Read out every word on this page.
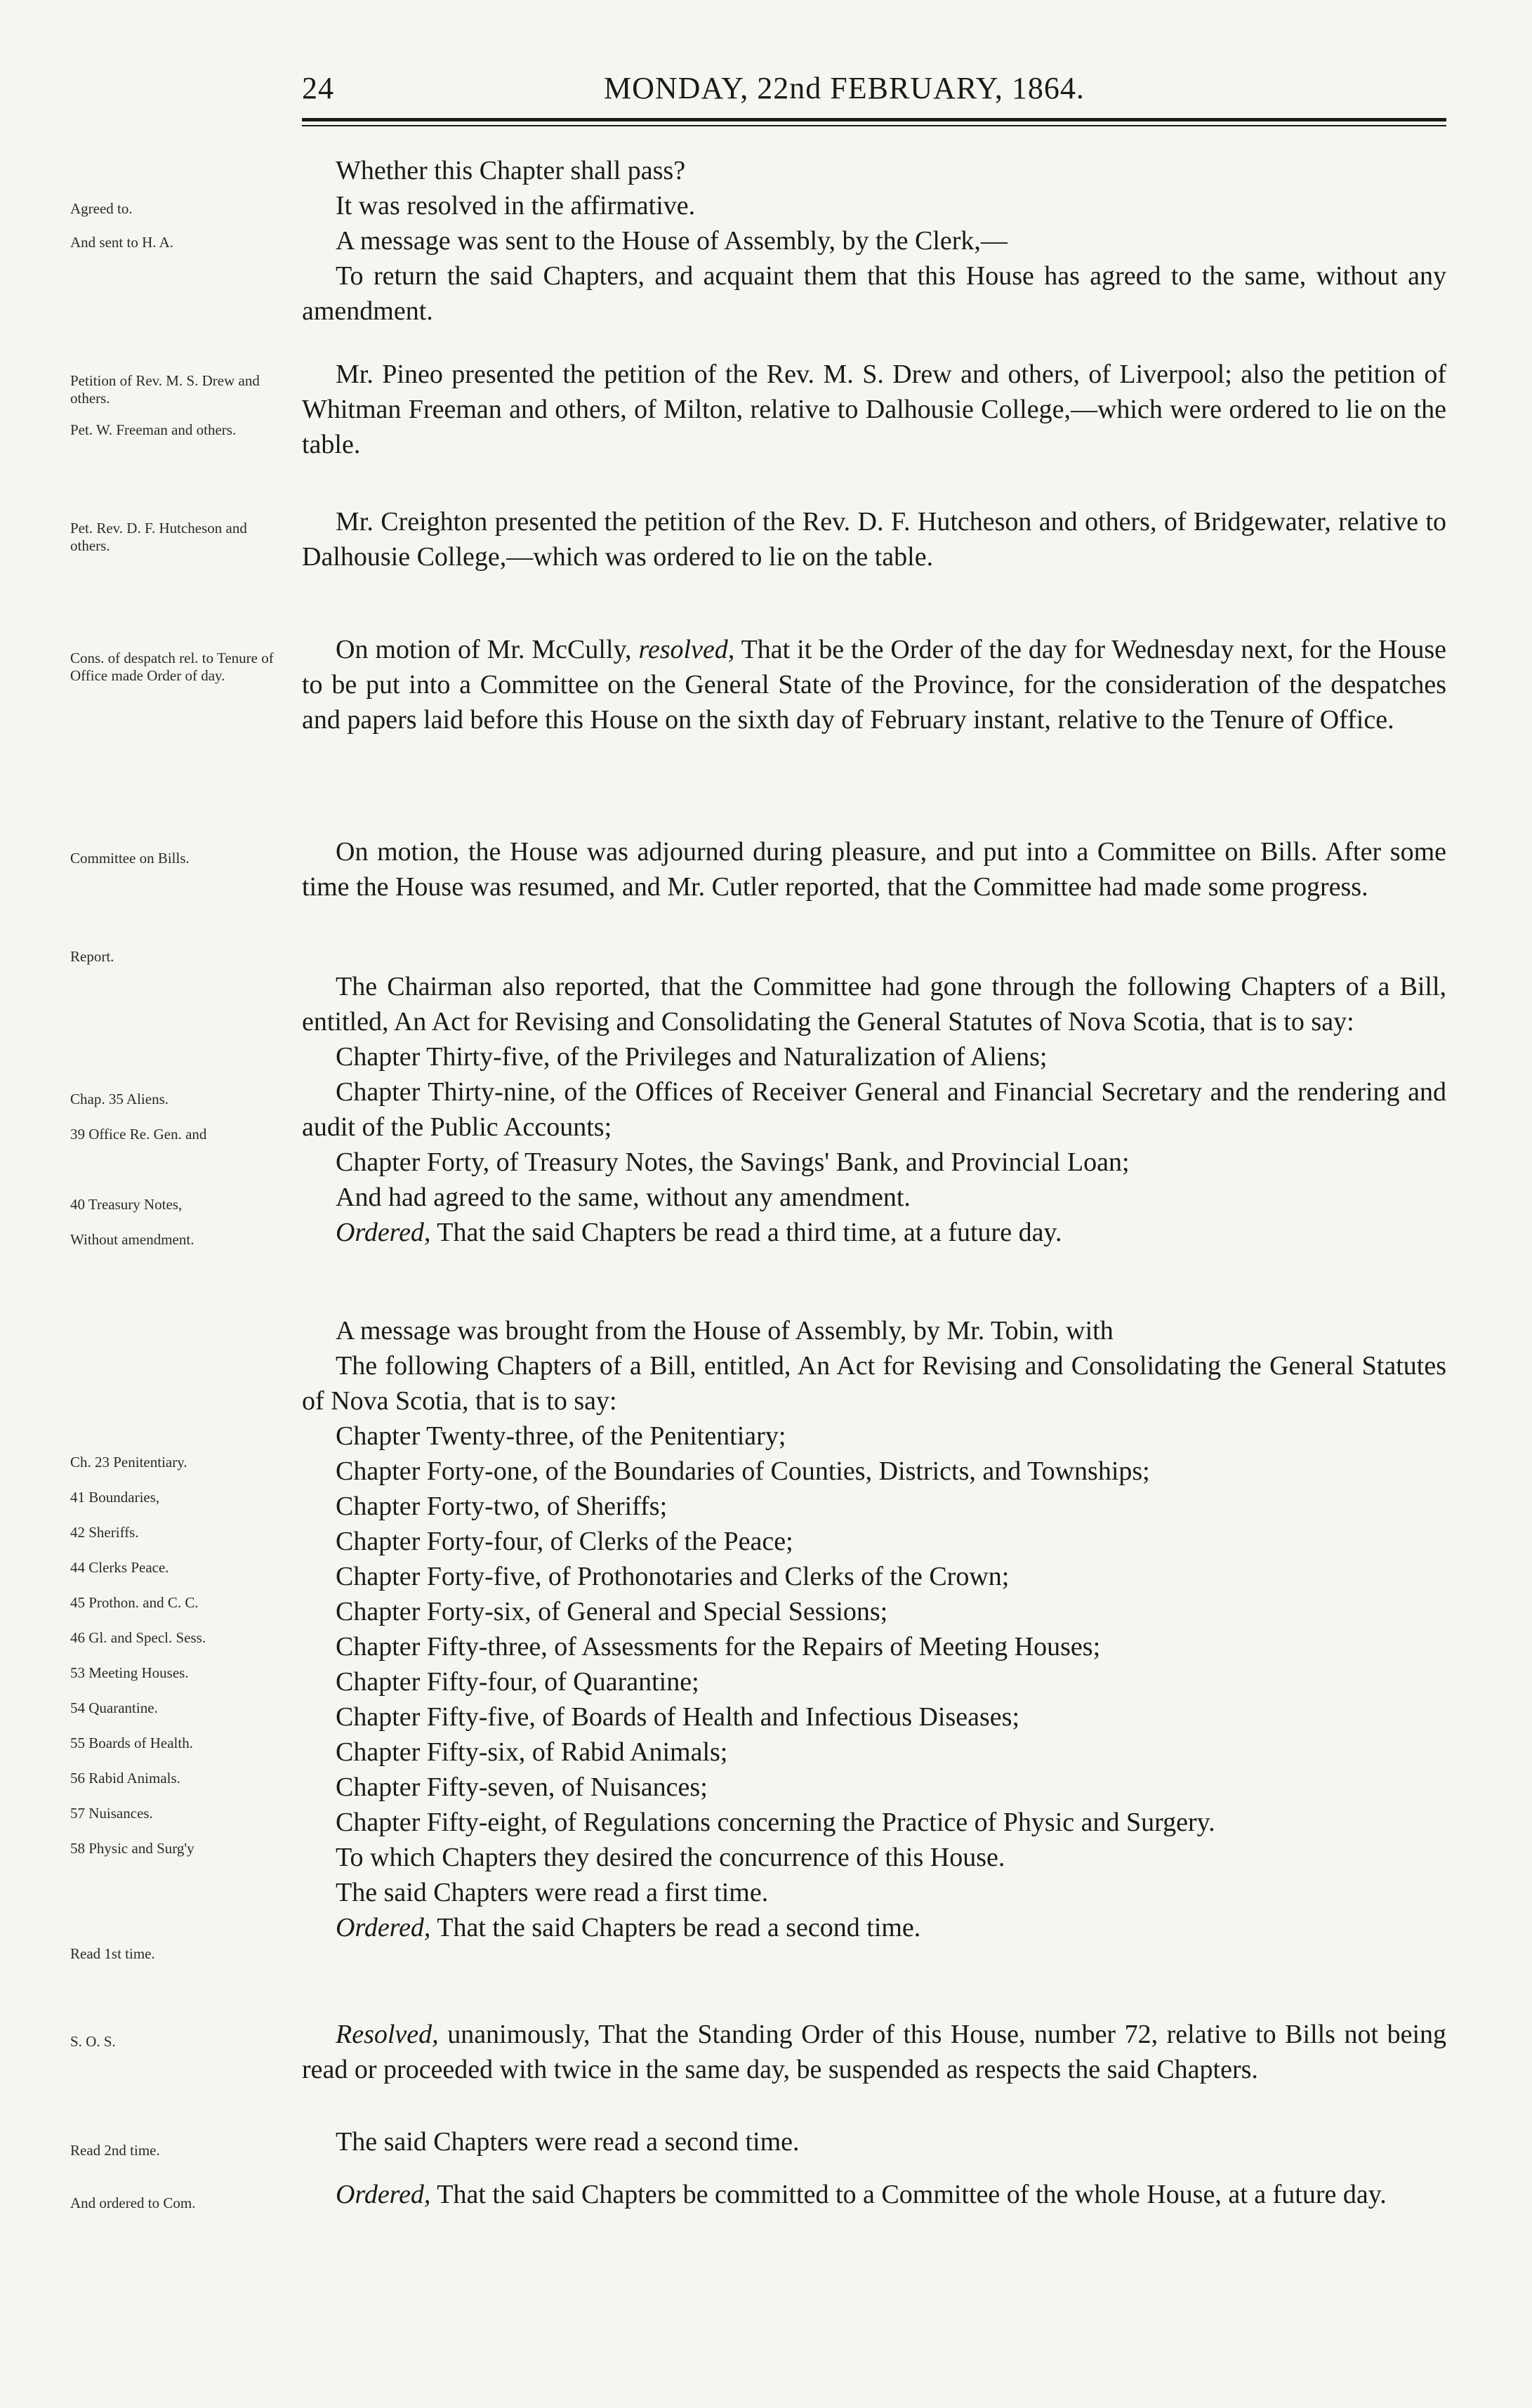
24	MONDAY, 22nd FEBRUARY, 1864.
Agreed to.
And sent to H. A.

Whether this Chapter shall pass?

It was resolved in the affirmative.

A message was sent to the House of Assembly, by the Clerk,—

To return the said Chapters, and acquaint them that this House has agreed to the same, without any amendment.

Petition of Rev. M. S. Drew and others.
Pet. W. Freeman and others.

Mr. Pineo presented the petition of the Rev. M. S. Drew and others, of Liverpool; also the petition of Whitman Freeman and others, of Milton, relative to Dalhousie College,—which were ordered to lie on the table.

Pet. Rev. D. F. Hutcheson and others.

Mr. Creighton presented the petition of the Rev. D. F. Hutcheson and others, of Bridgewater, relative to Dalhousie College,—which was ordered to lie on the table.

Cons. of despatch rel. to Tenure of Office made Order of day.

On motion of Mr. McCully, resolved, That it be the Order of the day for Wednesday next, for the House to be put into a Committee on the General State of the Province, for the consideration of the despatches and papers laid before this House on the sixth day of February instant, relative to the Tenure of Office.

Committee on Bills.	On motion, the House was adjourned during pleasure, and put into a Committee on Bills. After some time the House was resumed, and Mr. Cutler reported, that the Committee had made some progress.

Report.

The Chairman also reported, that the Committee had gone through the following Chapters of a Bill, entitled, An Act for Revising and Consolidating the General Statutes of Nova Scotia, that is to say:

Chapter Thirty-five, of the Privileges and Naturalization of Aliens;

Chapter Thirty-nine, of the Offices of Receiver General and Financial Secretary and the rendering and audit of the Public Accounts;

Chapter Forty, of Treasury Notes, the Savings' Bank, and Provincial Loan;

And had agreed to the same, without any amendment.

Ordered, That the said Chapters be read a third time, at a future day.

Chap. 35 Aliens.
39 Office Re. Gen. and
40 Treasury Notes,
Without amendment.

A message was brought from the House of Assembly, by Mr. Tobin, with

The following Chapters of a Bill, entitled, An Act for Revising and Consolidating the General Statutes of Nova Scotia, that is to say:

Chapter Twenty-three, of the Penitentiary;

Chapter Forty-one, of the Boundaries of Counties, Districts, and Townships;

Chapter Forty-two, of Sheriffs;

Chapter Forty-four, of Clerks of the Peace;

Chapter Forty-five, of Prothonotaries and Clerks of the Crown;

Chapter Forty-six, of General and Special Sessions;

Chapter Fifty-three, of Assessments for the Repairs of Meeting Houses;

Chapter Fifty-four, of Quarantine;

Chapter Fifty-five, of Boards of Health and Infectious Diseases;

Chapter Fifty-six, of Rabid Animals;

Chapter Fifty-seven, of Nuisances;

Chapter Fifty-eight, of Regulations concerning the Practice of Physic and Surgery.

To which Chapters they desired the concurrence of this House.

The said Chapters were read a first time.

Ordered, That the said Chapters be read a second time.

Ch. 23 Penitentiary.
41 Boundaries,
42 Sheriffs.
44 Clerks Peace.
45 Prothon. and C. C.
46 Gl. and Specl. Sess.
53 Meeting Houses.
54 Quarantine.
55 Boards of Health.
56 Rabid Animals.
57 Nuisances.
58 Physic and Surg'y
Read 1st time.
S. O. S.	Resolved, unanimously, That the Standing Order of this House, number 72, relative to Bills not being read or proceeded with twice in the same day, be suspended as respects the said Chapters.

Read 2nd time.	The said Chapters were read a second time.

And ordered to Com.	Ordered, That the said Chapters be committed to a Committee of the whole House, at a future day.
